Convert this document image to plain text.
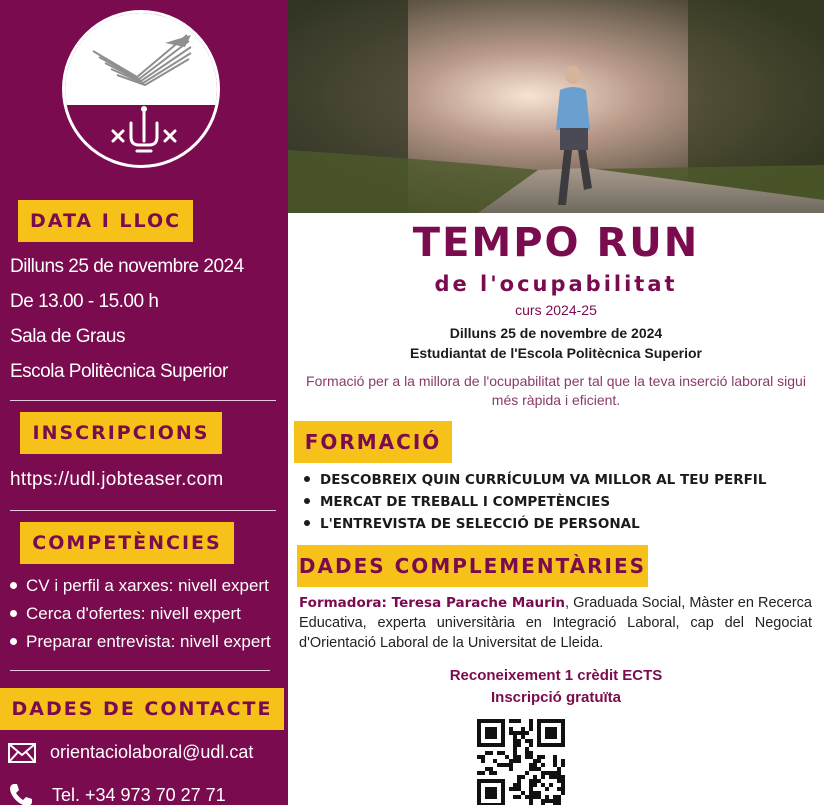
DATA I LLOC
Dilluns 25 de novembre 2024
De 13.00 - 15.00 h
Sala de Graus
Escola Politècnica Superior
INSCRIPCIONS
https://udl.jobteaser.com
COMPETÈNCIES
CV i perfil a xarxes: nivell expert
Cerca d'ofertes: nivell expert
Preparar entrevista: nivell expert
DADES DE CONTACTE
orientaciolaboral@udl.cat
Tel. +34 973 70 27 71
TEMPO RUN
de l'ocupabilitat
curs 2024-25
Dilluns 25 de novembre de 2024
Estudiantat de l'Escola Politècnica Superior
Formació per a la millora de l'ocupabilitat per tal que la teva inserció laboral sigui més ràpida i eficient.
FORMACIÓ
DESCOBREIX QUIN CURRÍCULUM VA MILLOR AL TEU PERFIL
MERCAT DE TREBALL I COMPETÈNCIES
L'ENTREVISTA DE SELECCIÓ DE PERSONAL
DADES COMPLEMENTÀRIES
Formadora: Teresa Parache Maurin, Graduada Social, Màster en Recerca Educativa, experta universitària en Integració Laboral, cap del Negociat d'Orientació Laboral de la Universitat de Lleida.
Reconeixement 1 crèdit ECTS
Inscripció gratuïta
